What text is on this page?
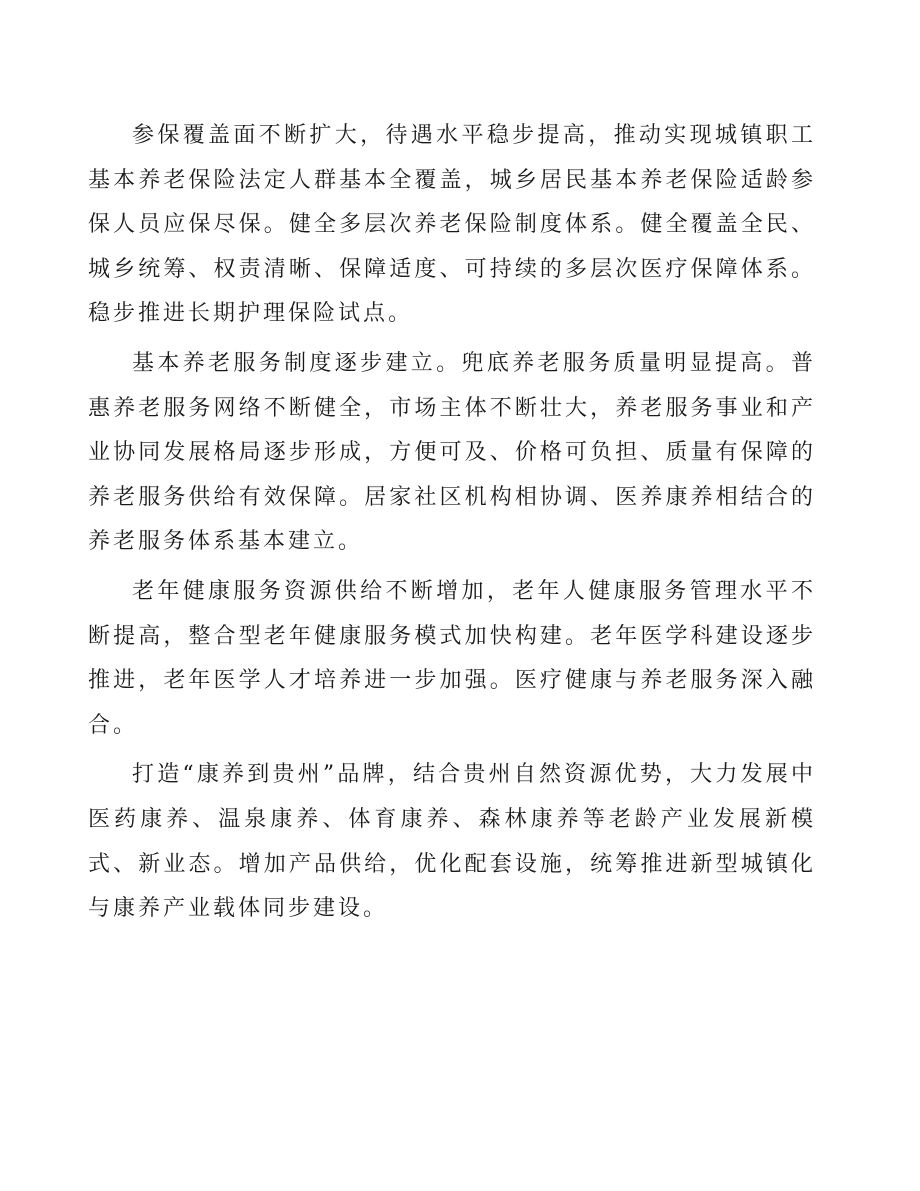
参保覆盖面不断扩大，待遇水平稳步提高，推动实现城镇职工基本养老保险法定人群基本全覆盖，城乡居民基本养老保险适龄参保人员应保尽保。健全多层次养老保险制度体系。健全覆盖全民、城乡统筹、权责清晰、保障适度、可持续的多层次医疗保障体系。稳步推进长期护理保险试点。

基本养老服务制度逐步建立。兜底养老服务质量明显提高。普惠养老服务网络不断健全，市场主体不断壮大，养老服务事业和产业协同发展格局逐步形成，方便可及、价格可负担、质量有保障的养老服务供给有效保障。居家社区机构相协调、医养康养相结合的养老服务体系基本建立。

老年健康服务资源供给不断增加，老年人健康服务管理水平不断提高，整合型老年健康服务模式加快构建。老年医学科建设逐步推进，老年医学人才培养进一步加强。医疗健康与养老服务深入融合。

打造“康养到贵州”品牌，结合贵州自然资源优势，大力发展中医药康养、温泉康养、体育康养、森林康养等老龄产业发展新模式、新业态。增加产品供给，优化配套设施，统筹推进新型城镇化与康养产业载体同步建设。
